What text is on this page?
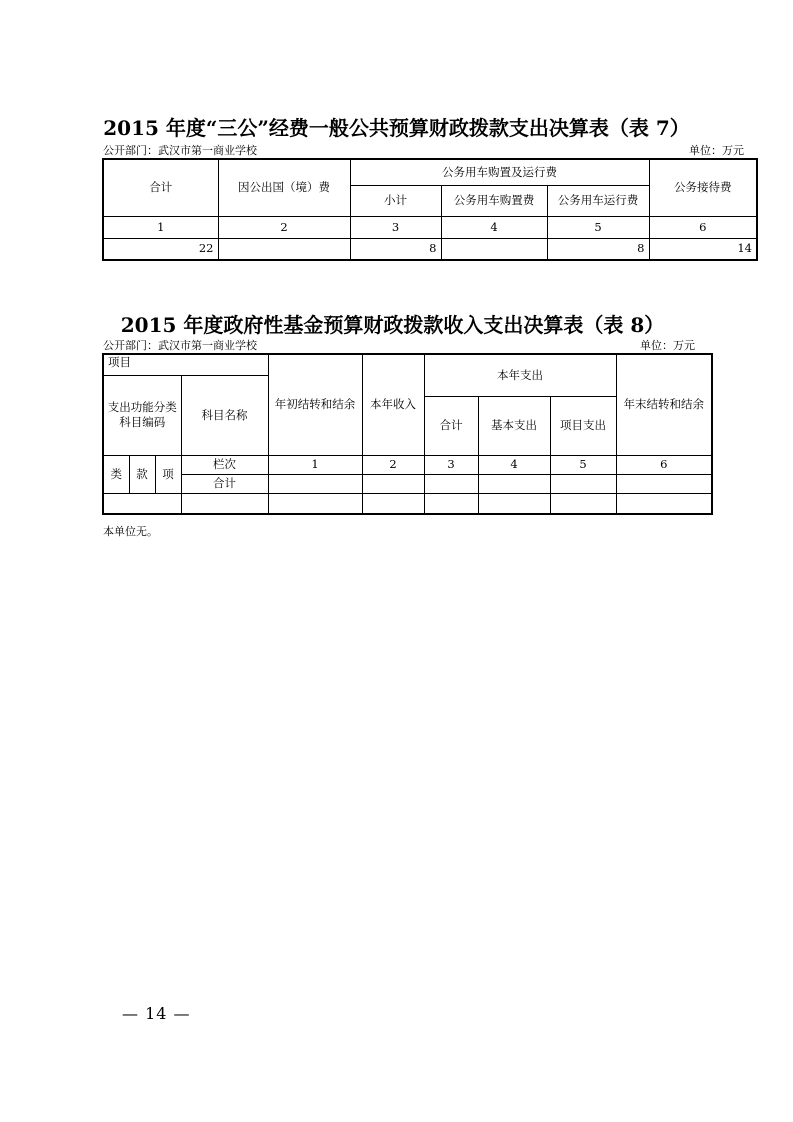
2015 年度“三公”经费一般公共预算财政拨款支出决算表（表 7）
公开部门：武汉市第一商业学校	单位：万元
合计	因公出国（境）费	公务用车购置及运行费			公务接待费
		小计	公务用车购置费	公务用车运行费	
1	2	3	4	5	6
22		8		8	14
2015 年度政府性基金预算财政拨款收入支出决算表（表 8）
公开部门：武汉市第一商业学校	单位：万元
项目				年初结转和结余	本年收入	本年支出			年末结转和结余
支出功能分类科目编码			科目名称						
						合计	基本支出	项目支出	
类	款	项	栏次	1	2	3	4	5	6
			合计						

本单位无。
— 14 —
